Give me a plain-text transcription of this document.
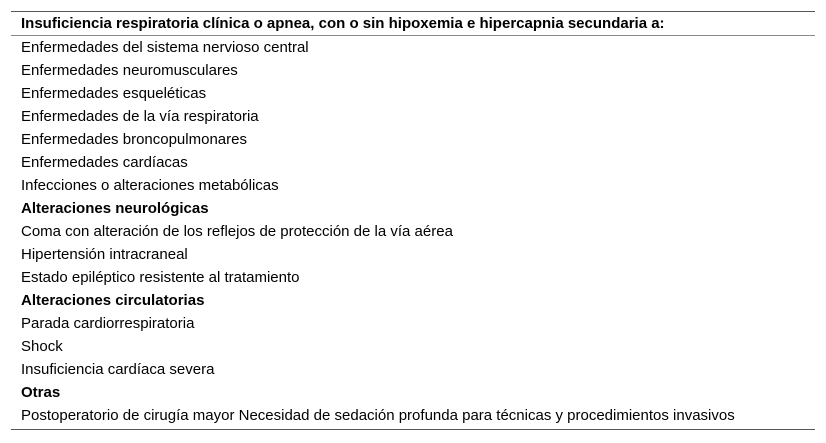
Insuficiencia respiratoria clínica o apnea, con o sin hipoxemia e hipercapnia secundaria a:
Enfermedades del sistema nervioso central
Enfermedades neuromusculares
Enfermedades esqueléticas
Enfermedades de la vía respiratoria
Enfermedades broncopulmonares
Enfermedades cardíacas
Infecciones o alteraciones metabólicas
Alteraciones neurológicas
Coma con alteración de los reflejos de protección de la vía aérea
Hipertensión intracraneal
Estado epiléptico resistente al tratamiento
Alteraciones circulatorias
Parada cardiorrespiratoria
Shock
Insuficiencia cardíaca severa
Otras
Postoperatorio de cirugía mayor Necesidad de sedación profunda para técnicas y procedimientos invasivos
